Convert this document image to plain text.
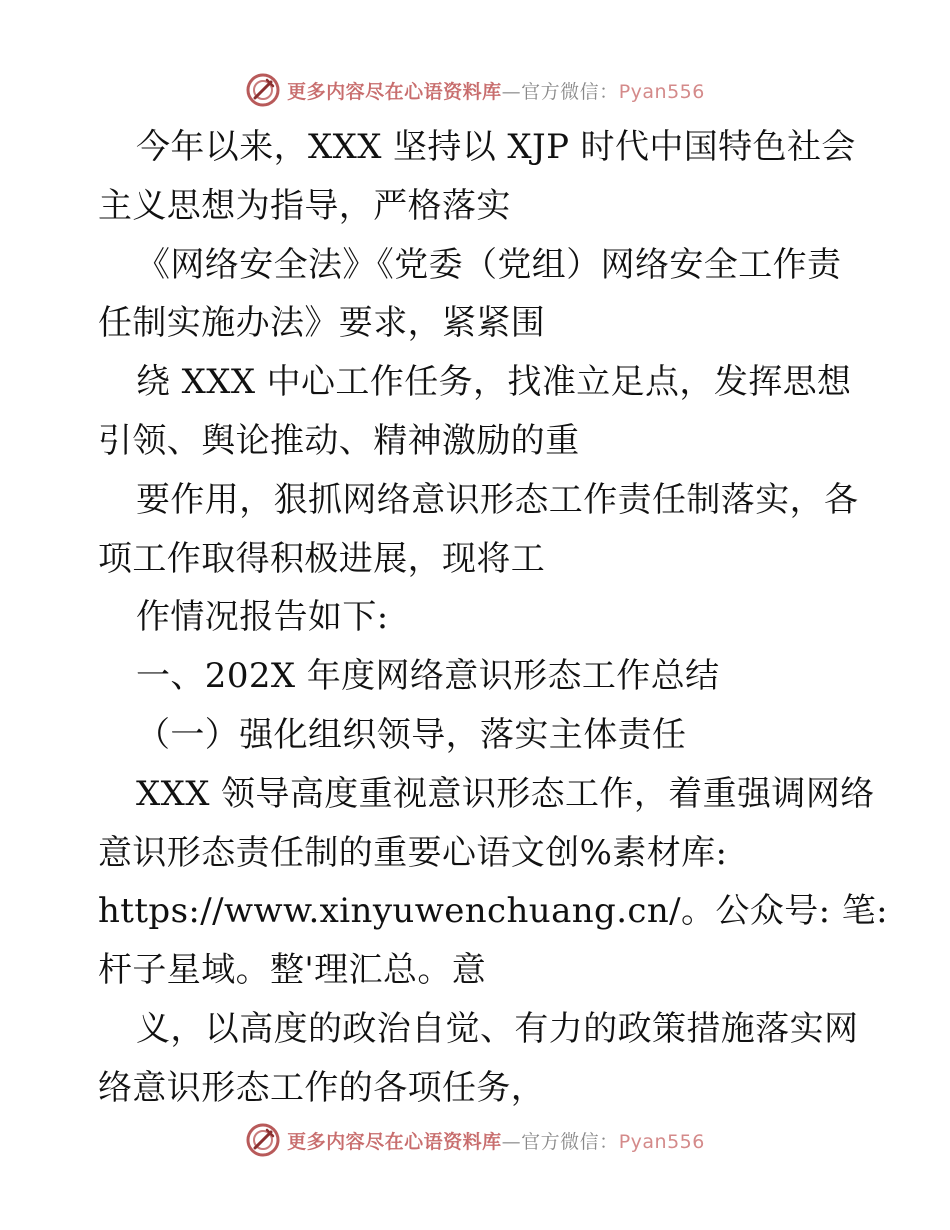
更多内容尽在心语资料库—官方微信：Pyan556
今年以来，XXX 坚持以 XJP 时代中国特色社会
主义思想为指导，严格落实
《网络安全法》《党委（党组）网络安全工作责
任制实施办法》要求，紧紧围
绕 XXX 中心工作任务，找准立足点，发挥思想
引领、舆论推动、精神激励的重
要作用，狠抓网络意识形态工作责任制落实，各
项工作取得积极进展，现将工
作情况报告如下:
一、202X 年度网络意识形态工作总结
（一）强化组织领导，落实主体责任
XXX 领导高度重视意识形态工作，着重强调网络
意识形态责任制的重要心语文创%素材库:
https://www.xinyuwenchuang.cn/。公众号: 笔:
杆子星域。整'理汇总。意
义，以高度的政治自觉、有力的政策措施落实网
络意识形态工作的各项任务，
更多内容尽在心语资料库—官方微信：Pyan556
